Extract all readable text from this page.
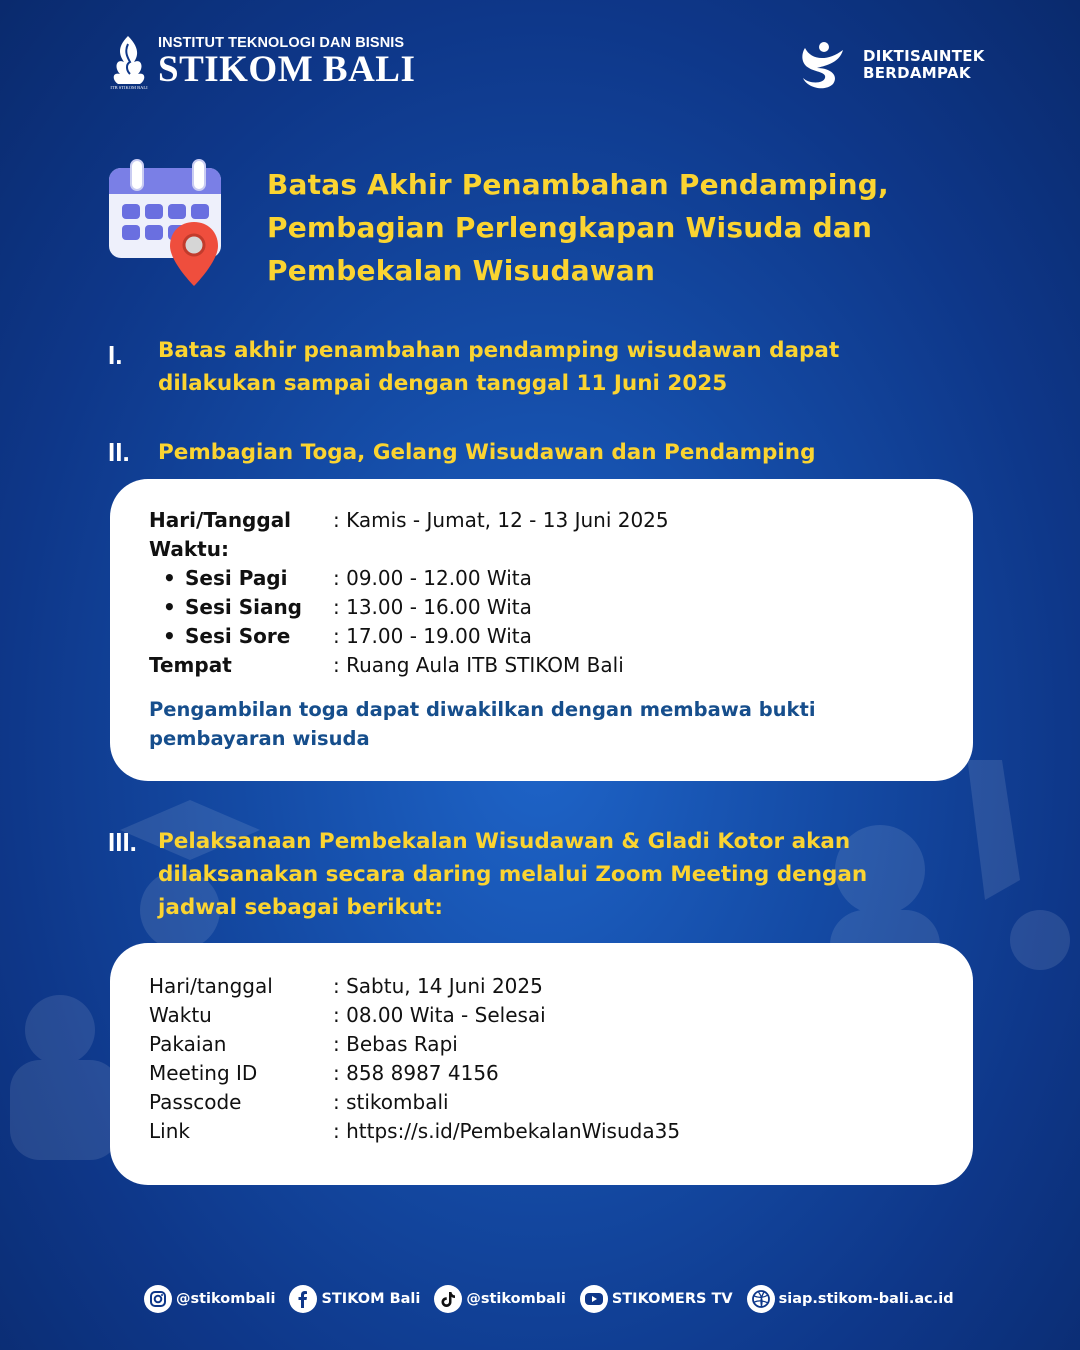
ITB STIKOM BALI
INSTITUT TEKNOLOGI DAN BISNIS
STIKOM BALI	DIKTISAINTEK
BERDAMPAK
Batas Akhir Penambahan Pendamping,
Pembagian Perlengkapan Wisuda dan
Pembekalan Wisudawan
I. Batas akhir penambahan pendamping wisudawan dapat
dilakukan sampai dengan tanggal 11 Juni 2025
II. Pembagian Toga, Gelang Wisudawan dan Pendamping
Hari/Tanggal	: Kamis - Jumat, 12 - 13 Juni 2025
Waktu:
• Sesi Pagi	: 09.00 - 12.00 Wita
• Sesi Siang	: 13.00 - 16.00 Wita
• Sesi Sore	: 17.00 - 19.00 Wita
Tempat	: Ruang Aula ITB STIKOM Bali
Pengambilan toga dapat diwakilkan dengan membawa bukti
pembayaran wisuda
III. Pelaksanaan Pembekalan Wisudawan & Gladi Kotor akan
dilaksanakan secara daring melalui Zoom Meeting dengan
jadwal sebagai berikut:
Hari/tanggal	: Sabtu, 14 Juni 2025
Waktu	: 08.00 Wita - Selesai
Pakaian	: Bebas Rapi
Meeting ID	: 858 8987 4156
Passcode	: stikombali
Link	: https://s.id/PembekalanWisuda35
@stikombali	STIKOM Bali	@stikombali	STIKOMERS TV	siap.stikom-bali.ac.id
